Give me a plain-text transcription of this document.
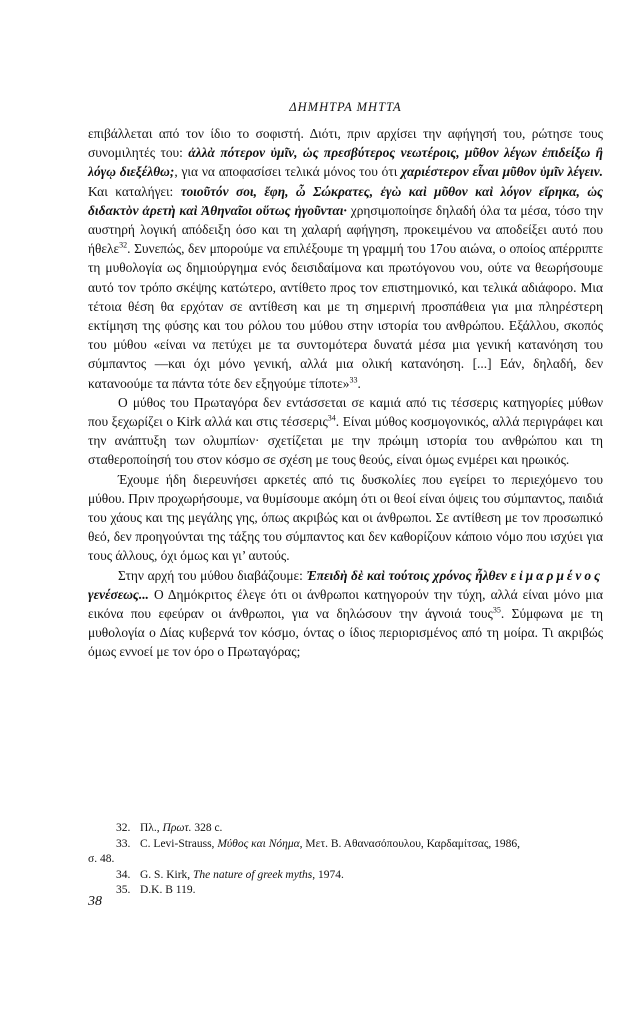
ΔΗΜΗΤΡΑ ΜΗΤΤΑ

επιβάλλεται από τον ίδιο το σοφιστή. Διότι, πριν αρχίσει την αφήγησή του, ρώτησε τους συνομιλητές του: ἀλλὰ πότερον ὑμῖν, ὡς πρεσβύτερος νεωτέροις, μῦθον λέγων ἐπιδείξω ἢ λόγῳ διεξέλθω;, για να αποφασίσει τελικά μόνος του ότι χαριέστερον εἶναι μῦθον ὑμῖν λέγειν. Και καταλήγει: τοιοῦτόν σοι, ἔφη, ὦ Σώκρατες, ἐγὼ καὶ μῦθον καὶ λόγον εἴρηκα, ὡς διδακτὸν ἀρετὴ καὶ Ἀθηναῖοι οὕτως ἡγοῦνται· χρησιμοποίησε δηλαδή όλα τα μέσα, τόσο την αυστηρή λογική απόδειξη όσο και τη χαλαρή αφήγηση, προκειμένου να αποδείξει αυτό που ήθελε$^{32}$. Συνεπώς, δεν μπορούμε να επιλέξουμε τη γραμμή του 17ου αιώνα, ο οποίος απέρριπτε τη μυθολογία ως δημιούργημα ενός δεισιδαίμονα και πρωτόγονου νου, ούτε να θεωρήσουμε αυτό τον τρόπο σκέψης κατώτερο, αντίθετο προς τον επιστημονικό, και τελικά αδιάφορο. Μια τέτοια θέση θα ερχόταν σε αντίθεση και με τη σημερινή προσπάθεια για μια πληρέστερη εκτίμηση της φύσης και του ρόλου του μύθου στην ιστορία του ανθρώπου. Εξάλλου, σκοπός του μύθου «είναι να πετύχει με τα συντομότερα δυνατά μέσα μια γενική κατανόηση του σύμπαντος —και όχι μόνο γενική, αλλά μια ολική κατανόηση. [...] Εάν, δηλαδή, δεν κατανοούμε τα πάντα τότε δεν εξηγούμε τίποτε»$^{33}$.

Ο μύθος του Πρωταγόρα δεν εντάσσεται σε καμιά από τις τέσσερις κατηγορίες μύθων που ξεχωρίζει ο Kirk αλλά και στις τέσσερις$^{34}$. Είναι μύθος κοσμογονικός, αλλά περιγράφει και την ανάπτυξη των ολυμπίων· σχετίζεται με την πρώιμη ιστορία του ανθρώπου και τη σταθεροποίησή του στον κόσμο σε σχέση με τους θεούς, είναι όμως ενμέρει και ηρωικός.

Έχουμε ήδη διερευνήσει αρκετές από τις δυσκολίες που εγείρει το περιεχόμενο του μύθου. Πριν προχωρήσουμε, να θυμίσουμε ακόμη ότι οι θεοί είναι όψεις του σύμπαντος, παιδιά του χάους και της μεγάλης γης, όπως ακριβώς και οι άνθρωποι. Σε αντίθεση με τον προσωπικό θεό, δεν προηγούνται της τάξης του σύμπαντος και δεν καθορίζουν κάποιο νόμο που ισχύει για τους άλλους, όχι όμως και γι’ αυτούς.

Στην αρχή του μύθου διαβάζουμε: Ἐπειδὴ δὲ καὶ τούτοις χρόνος ἦλθεν εἱμαρμένος γενέσεως... Ο Δημόκριτος έλεγε ότι οι άνθρωποι κατηγορούν την τύχη, αλλά είναι μόνο μια εικόνα που εφεύραν οι άνθρωποι, για να δηλώσουν την άγνοιά τους$^{35}$. Σύμφωνα με τη μυθολογία ο Δίας κυβερνά τον κόσμο, όντας ο ίδιος περιορισμένος από τη μοίρα. Τι ακριβώς όμως εννοεί με τον όρο ο Πρωταγόρας;

32. Πλ., Πρωτ. 328 c.

33. C. Levi-Strauss, Μύθος και Νόημα, Μετ. Β. Αθανασόπουλου, Καρδαμίτσας, 1986,

σ. 48.

34. G. S. Kirk, The nature of greek myths, 1974.

35. D.K. B 119.

38
